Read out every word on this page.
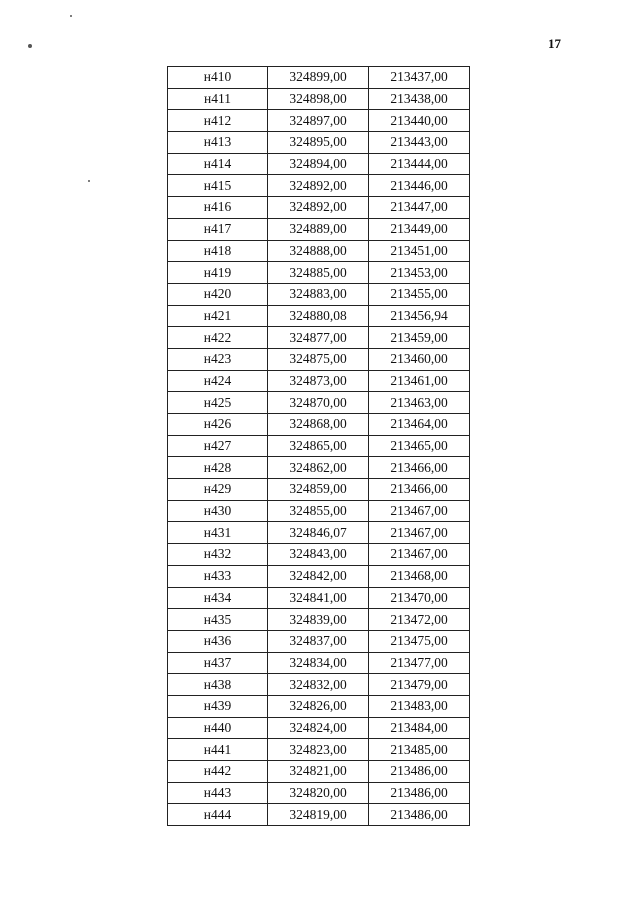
17
н410	324899,00	213437,00
н411	324898,00	213438,00
н412	324897,00	213440,00
н413	324895,00	213443,00
н414	324894,00	213444,00
н415	324892,00	213446,00
н416	324892,00	213447,00
н417	324889,00	213449,00
н418	324888,00	213451,00
н419	324885,00	213453,00
н420	324883,00	213455,00
н421	324880,08	213456,94
н422	324877,00	213459,00
н423	324875,00	213460,00
н424	324873,00	213461,00
н425	324870,00	213463,00
н426	324868,00	213464,00
н427	324865,00	213465,00
н428	324862,00	213466,00
н429	324859,00	213466,00
н430	324855,00	213467,00
н431	324846,07	213467,00
н432	324843,00	213467,00
н433	324842,00	213468,00
н434	324841,00	213470,00
н435	324839,00	213472,00
н436	324837,00	213475,00
н437	324834,00	213477,00
н438	324832,00	213479,00
н439	324826,00	213483,00
н440	324824,00	213484,00
н441	324823,00	213485,00
н442	324821,00	213486,00
н443	324820,00	213486,00
н444	324819,00	213486,00
